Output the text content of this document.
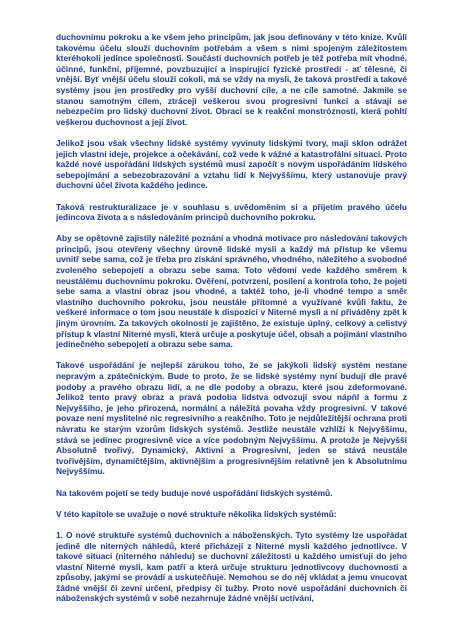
duchovnímu pokroku a ke všem jeho principům, jak jsou definovány v této knize. Kvůli takovému účelu slouží duchovním potřebám a všem s nimi spojeným záležitostem kteréhokoli jedince společnosti. Součástí duchovních potřeb je též potřeba mít vhodné, účinné, funkční, příjemné, povzbuzující a inspirující fyzické prostředí - ať tělesné, či vnější. Byť vnější účelu slouží cokoli, má se vždy na mysli, že taková prostředí a takové systémy jsou jen prostředky pro vyšší duchovní cíle, a ne cíle samotné. Jakmile se stanou samotným cílem, ztrácejí veškerou svou progresivní funkci a stávají se nebezpečím pro lidský duchovní život. Obrací se k reakční monstróznosti, která pohltí veškerou duchovnost a její život.

Jelikož jsou však všechny lidské systémy vyvinuty lidskými tvory, mají sklon odrážet jejich vlastní ideje, projekce a očekávání, což vede k vážné a katastrofální situaci. Proto každé nové uspořádání lidských systémů musí započít s novým uspořádáním lidského sebepojímání a sebezobrazování a vztahu lidí k Nejvyššímu, který ustanovuje pravý duchovní účel života každého jedince.

Taková restrukturalizace je v souhlasu s uvědoměním si a přijetím pravého účelu jedincova života a s následováním principů duchovního pokroku.

Aby se opětovně zajistily náležité poznání a vhodná motivace pro následování takových principů, jsou otevřeny všechny úrovně lidské mysli a každý má přístup ke všemu uvnitř sebe sama, což je třeba pro získání správného, vhodného, náležitého a svobodné zvoleného sebepojetí a obrazu sebe sama. Toto vědomí vede každého směrem k neustálému duchovnímu pokroku. Ověření, potvrzení, posílení a kontrola toho, že pojetí sebe sama a vlastní obraz jsou vhodné, a taktéž toho, je-li vhodné tempo a směr vlastního duchovního pokroku, jsou neustále přítomné a využívané kvůli faktu, že veškeré informace o tom jsou neustále k dispozici v Niterné mysli a ní přiváděny zpět k jiným úrovním. Za takových okolností je zajištěno, že existuje úplný, celkový a celistvý přístup k vlastní Niterné mysli, která určuje a poskytuje účel, obsah a pojímání vlastního jedinečného sebepojetí a obrazu sebe sama.

Takové uspořádání je nejlepší zárukou toho, že se jakýkoli lidský systém nestane nepravým a zpátečnickým. Bude to proto, že se lidské systémy nyní budují dle pravé podoby a pravého obrazu lidí, a ne dle podoby a obrazu, které jsou zdeformované. Jelikož tento pravý obraz a pravá podoba lidstva odvozují svou nápňl a formu z Nejvyššího, je jeho přirozená, normální a náležitá povaha vždy progresivní. V takové povaze není myslitelné nic regresivního a reakčního. Toto je nejdůležitější ochrana proti návratu ke starým vzorům lidských systémů. Jestliže neustále vzhlíží k Nejvyššímu, stává se jedinec progresivně více a více podobným Nejvyššímu. A protože je Nejvyšší Absolutně tvořivý, Dynamický, Aktivní a Progresivní, jeden se stává neustále tvořivějším, dynamičtějším, aktivnějším a progresivnějším relativně jen k Absolutnímu Nejvyššímu.

Na takovém pojetí se tedy buduje nové uspořádání lidských systémů.

V této kapitole se uvažuje o nové struktuře několika lidských systémů:

1. O nové struktuře systémů duchovních a náboženských. Tyto systémy lze uspořádat jedině dle niterných náhledů, které přicházejí z Niterné mysli každého jednotlivce. V takové situaci (niterného náhledu) se duchovní záležitosti u každého umisťují do jeho vlastní Niterné mysli, kam patří a která určuje strukturu jednotlivcovy duchovnosti a způsoby, jakými se provádí a uskutečňuje. Nemohou se do něj vkládat a jemu vnucovat žádné vnější či zevní určení, předpisy či tužby. Proto nové uspořádání duchovních či náboženských systémů v sobě nezahrnuje žádné vnější uctívání,
